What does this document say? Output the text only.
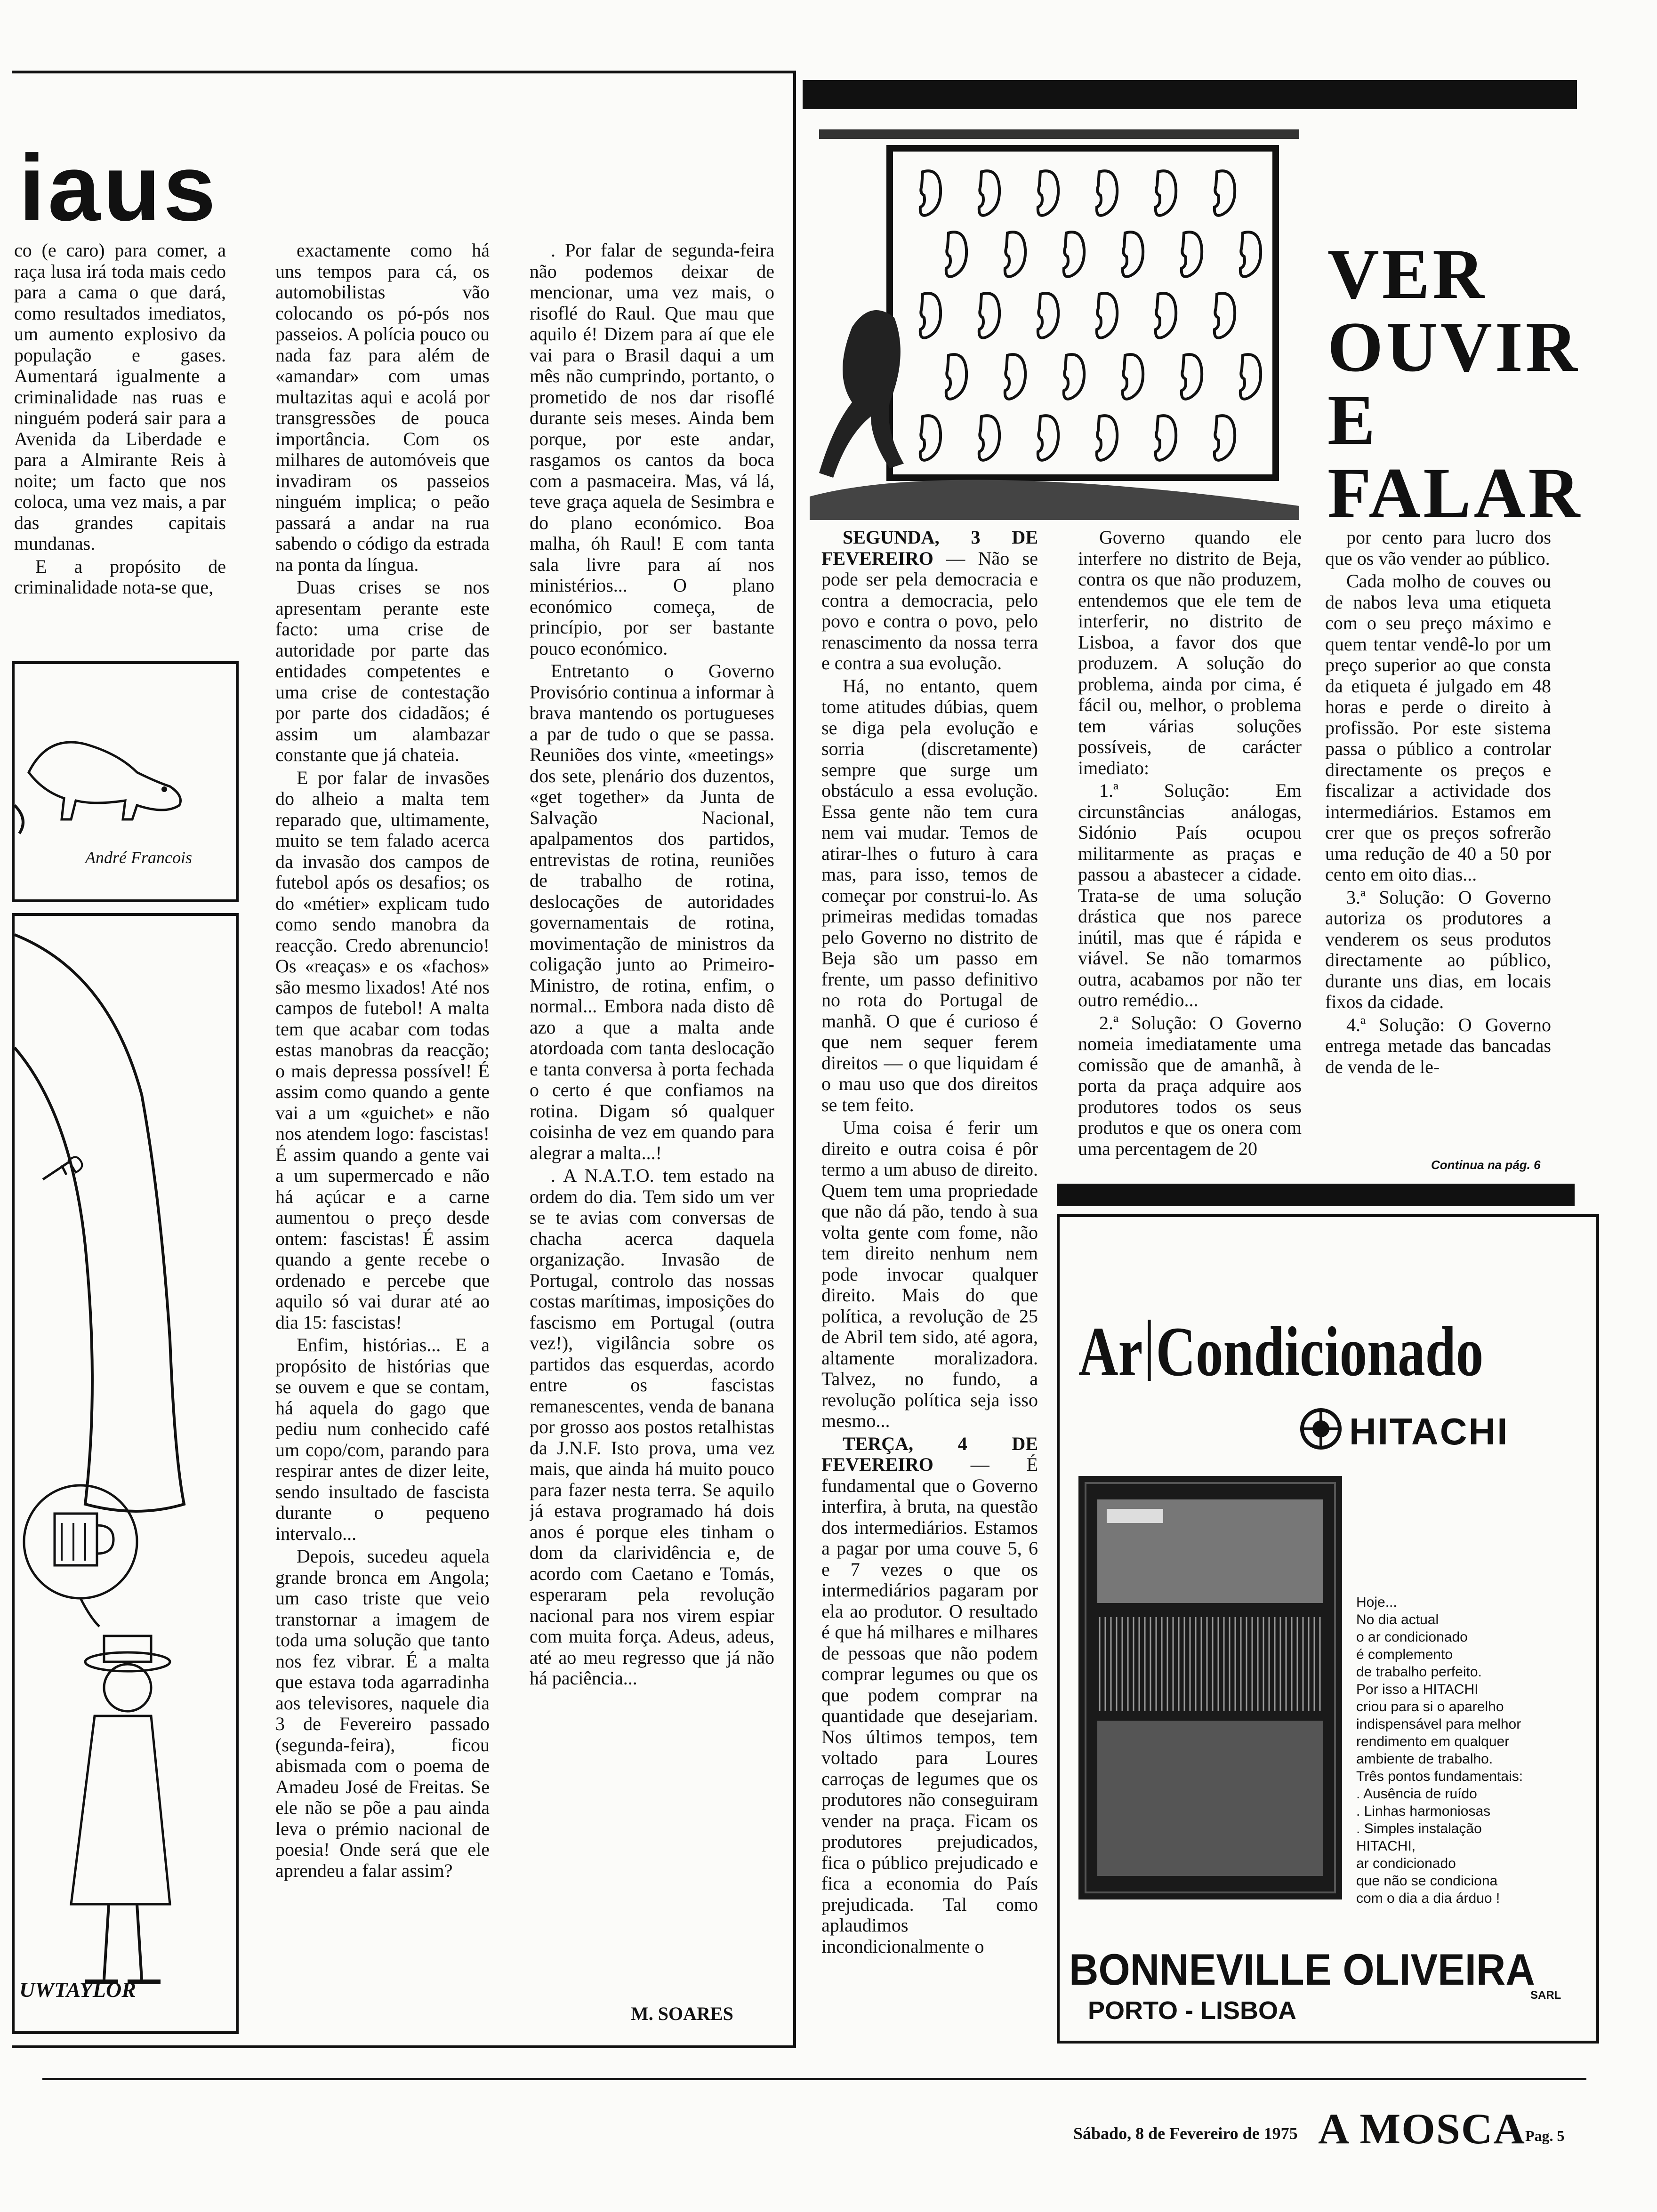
iaus

co (e caro) para comer, a raça lusa irá toda mais cedo para a cama o que dará, como resultados imediatos, um aumento explosivo da população e gases. Aumentará igualmente a criminalidade nas ruas e ninguém poderá sair para a Avenida da Liberdade e para a Almirante Reis à noite; um facto que nos coloca, uma vez mais, a par das grandes capitais mundanas.

E a propósito de criminalidade nota-se que,

exactamente como há uns tempos para cá, os automobilistas vão colocando os pó-pós nos passeios. A polícia pouco ou nada faz para além de «amandar» com umas multazitas aqui e acolá por transgressões de pouca importância. Com os milhares de automóveis que invadiram os passeios ninguém implica; o peão passará a andar na rua sabendo o código da estrada na ponta da língua.

Duas crises se nos apresentam perante este facto: uma crise de autoridade por parte das entidades competentes e uma crise de contestação por parte dos cidadãos; é assim um alambazar constante que já chateia.

E por falar de invasões do alheio a malta tem reparado que, ultimamente, muito se tem falado acerca da invasão dos campos de futebol após os desafios; os do «métier» explicam tudo como sendo manobra da reacção. Credo abrenuncio! Os «reaças» e os «fachos» são mesmo lixados! Até nos campos de futebol! A malta tem que acabar com todas estas manobras da reacção; o mais depressa possível! É assim como quando a gente vai a um «guichet» e não nos atendem logo: fascistas! É assim quando a gente vai a um supermercado e não há açúcar e a carne aumentou o preço desde ontem: fascistas! É assim quando a gente recebe o ordenado e percebe que aquilo só vai durar até ao dia 15: fascistas!

Enfim, histórias... E a propósito de histórias que se ouvem e que se contam, há aquela do gago que pediu num conhecido café um copo/com, parando para respirar antes de dizer leite, sendo insultado de fascista durante o pequeno intervalo...

Depois, sucedeu aquela grande bronca em Angola; um caso triste que veio transtornar a imagem de toda uma solução que tanto nos fez vibrar. É a malta que estava toda agarradinha aos televisores, naquele dia 3 de Fevereiro passado (segunda-feira), ficou abismada com o poema de Amadeu José de Freitas. Se ele não se põe a pau ainda leva o prémio nacional de poesia! Onde será que ele aprendeu a falar assim?

. Por falar de segunda-feira não podemos deixar de mencionar, uma vez mais, o risoflé do Raul. Que mau que aquilo é! Dizem para aí que ele vai para o Brasil daqui a um mês não cumprindo, portanto, o prometido de nos dar risoflé durante seis meses. Ainda bem porque, por este andar, rasgamos os cantos da boca com a pasmaceira. Mas, vá lá, teve graça aquela de Sesimbra e do plano económico. Boa malha, óh Raul! E com tanta sala livre para aí nos ministérios... O plano económico começa, de princípio, por ser bastante pouco económico.

Entretanto o Governo Provisório continua a informar à brava mantendo os portugueses a par de tudo o que se passa. Reuniões dos vinte, «meetings» dos sete, plenário dos duzentos, «get together» da Junta de Salvação Nacional, apalpamentos dos partidos, entrevistas de rotina, reuniões de trabalho de rotina, deslocações de autoridades governamentais de rotina, movimentação de ministros da coligação junto ao Primeiro-Ministro, de rotina, enfim, o normal... Embora nada disto dê azo a que a malta ande atordoada com tanta deslocação e tanta conversa à porta fechada o certo é que confiamos na rotina. Digam só qualquer coisinha de vez em quando para alegrar a malta...!

. A N.A.T.O. tem estado na ordem do dia. Tem sido um ver se te avias com conversas de chacha acerca daquela organização. Invasão de Portugal, controlo das nossas costas marítimas, imposições do fascismo em Portugal (outra vez!), vigilância sobre os partidos das esquerdas, acordo entre os fascistas remanescentes, venda de banana por grosso aos postos retalhistas da J.N.F. Isto prova, uma vez mais, que ainda há muito pouco para fazer nesta terra. Se aquilo já estava programado há dois anos é porque eles tinham o dom da clarividência e, de acordo com Caetano e Tomás, esperaram pela revolução nacional para nos virem espiar com muita força. Adeus, adeus, até ao meu regresso que já não há paciência...

M. SOARES
André Francois
UWTAYLOR
VER
OUVIR
E
FALAR

SEGUNDA, 3 DE FEVEREIRO — Não se pode ser pela democracia e contra a democracia, pelo povo e contra o povo, pelo renascimento da nossa terra e contra a sua evolução.

Há, no entanto, quem tome atitudes dúbias, quem se diga pela evolução e sorria (discretamente) sempre que surge um obstáculo a essa evolução. Essa gente não tem cura nem vai mudar. Temos de atirar-lhes o futuro à cara mas, para isso, temos de começar por construi-lo. As primeiras medidas tomadas pelo Governo no distrito de Beja são um passo em frente, um passo definitivo no rota do Portugal de manhã. O que é curioso é que nem sequer ferem direitos — o que liquidam é o mau uso que dos direitos se tem feito.

Uma coisa é ferir um direito e outra coisa é pôr termo a um abuso de direito. Quem tem uma propriedade que não dá pão, tendo à sua volta gente com fome, não tem direito nenhum nem pode invocar qualquer direito. Mais do que política, a revolução de 25 de Abril tem sido, até agora, altamente moralizadora. Talvez, no fundo, a revolução política seja isso mesmo...

TERÇA, 4 DE FEVEREIRO — É fundamental que o Governo interfira, à bruta, na questão dos intermediários. Estamos a pagar por uma couve 5, 6 e 7 vezes o que os intermediários pagaram por ela ao produtor. O resultado é que há milhares e milhares de pessoas que não podem comprar legumes ou que os que podem comprar na quantidade que desejariam. Nos últimos tempos, tem voltado para Loures carroças de legumes que os produtores não conseguiram vender na praça. Ficam os produtores prejudicados, fica o público prejudicado e fica a economia do País prejudicada. Tal como aplaudimos incondicionalmente o

Governo quando ele interfere no distrito de Beja, contra os que não produzem, entendemos que ele tem de interferir, no distrito de Lisboa, a favor dos que produzem. A solução do problema, ainda por cima, é fácil ou, melhor, o problema tem várias soluções possíveis, de carácter imediato:

1.ª Solução: Em circunstâncias análogas, Sidónio País ocupou militarmente as praças e passou a abastecer a cidade. Trata-se de uma solução drástica que nos parece inútil, mas que é rápida e viável. Se não tomarmos outra, acabamos por não ter outro remédio...

2.ª Solução: O Governo nomeia imediatamente uma comissão que de amanhã, à porta da praça adquire aos produtores todos os seus produtos e que os onera com uma percentagem de 20

por cento para lucro dos que os vão vender ao público.

Cada molho de couves ou de nabos leva uma etiqueta com o seu preço máximo e quem tentar vendê-lo por um preço superior ao que consta da etiqueta é julgado em 48 horas e perde o direito à profissão. Por este sistema passa o público a controlar directamente os preços e fiscalizar a actividade dos intermediários. Estamos em crer que os preços sofrerão uma redução de 40 a 50 por cento em oito dias...

3.ª Solução: O Governo autoriza os produtores a venderem os seus produtos directamente ao público, durante uns dias, em locais fixos da cidade.

4.ª Solução: O Governo entrega metade das bancadas de venda de le-

Continua na pág. 6
Ar Condicionado
HITACHI
Hoje...
No dia actual
o ar condicionado
é complemento
de trabalho perfeito.
Por isso a HITACHI
criou para si o aparelho
indispensável para melhor
rendimento em qualquer
ambiente de trabalho.
Três pontos fundamentais:
. Ausência de ruído
. Linhas harmoniosas
. Simples instalação
HITACHI,
ar condicionado
que não se condiciona
com o dia a dia árduo !
BONNEVILLE OLIVEIRA
SARL
PORTO - LISBOA
Sábado, 8 de Fevereiro de 1975 A MOSCA Pag. 5
